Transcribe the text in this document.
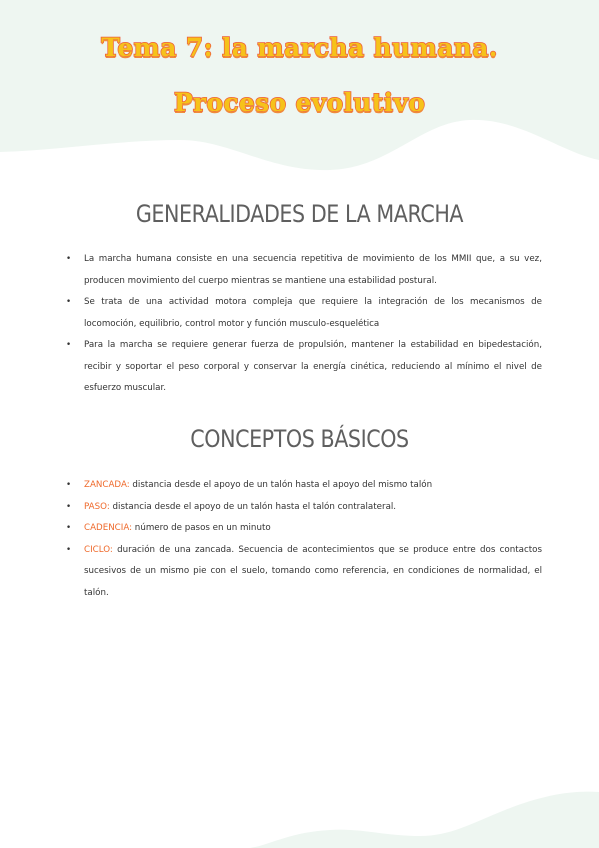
Tema 7: la marcha humana.
Proceso evolutivo
GENERALIDADES DE LA MARCHA
• La marcha humana consiste en una secuencia repetitiva de movimiento de los MMII que, a su vez, producen movimiento del cuerpo mientras se mantiene una estabilidad postural.
• Se trata de una actividad motora compleja que requiere la integración de los mecanismos de locomoción, equilibrio, control motor y función musculo-esquelética
• Para la marcha se requiere generar fuerza de propulsión, mantener la estabilidad en bipedestación, recibir y soportar el peso corporal y conservar la energía cinética, reduciendo al mínimo el nivel de esfuerzo muscular.
CONCEPTOS BÁSICOS
• ZANCADA: distancia desde el apoyo de un talón hasta el apoyo del mismo talón
• PASO: distancia desde el apoyo de un talón hasta el talón contralateral.
• CADENCIA: número de pasos en un minuto
• CICLO: duración de una zancada. Secuencia de acontecimientos que se produce entre dos contactos sucesivos de un mismo pie con el suelo, tomando como referencia, en condiciones de normalidad, el talón.
